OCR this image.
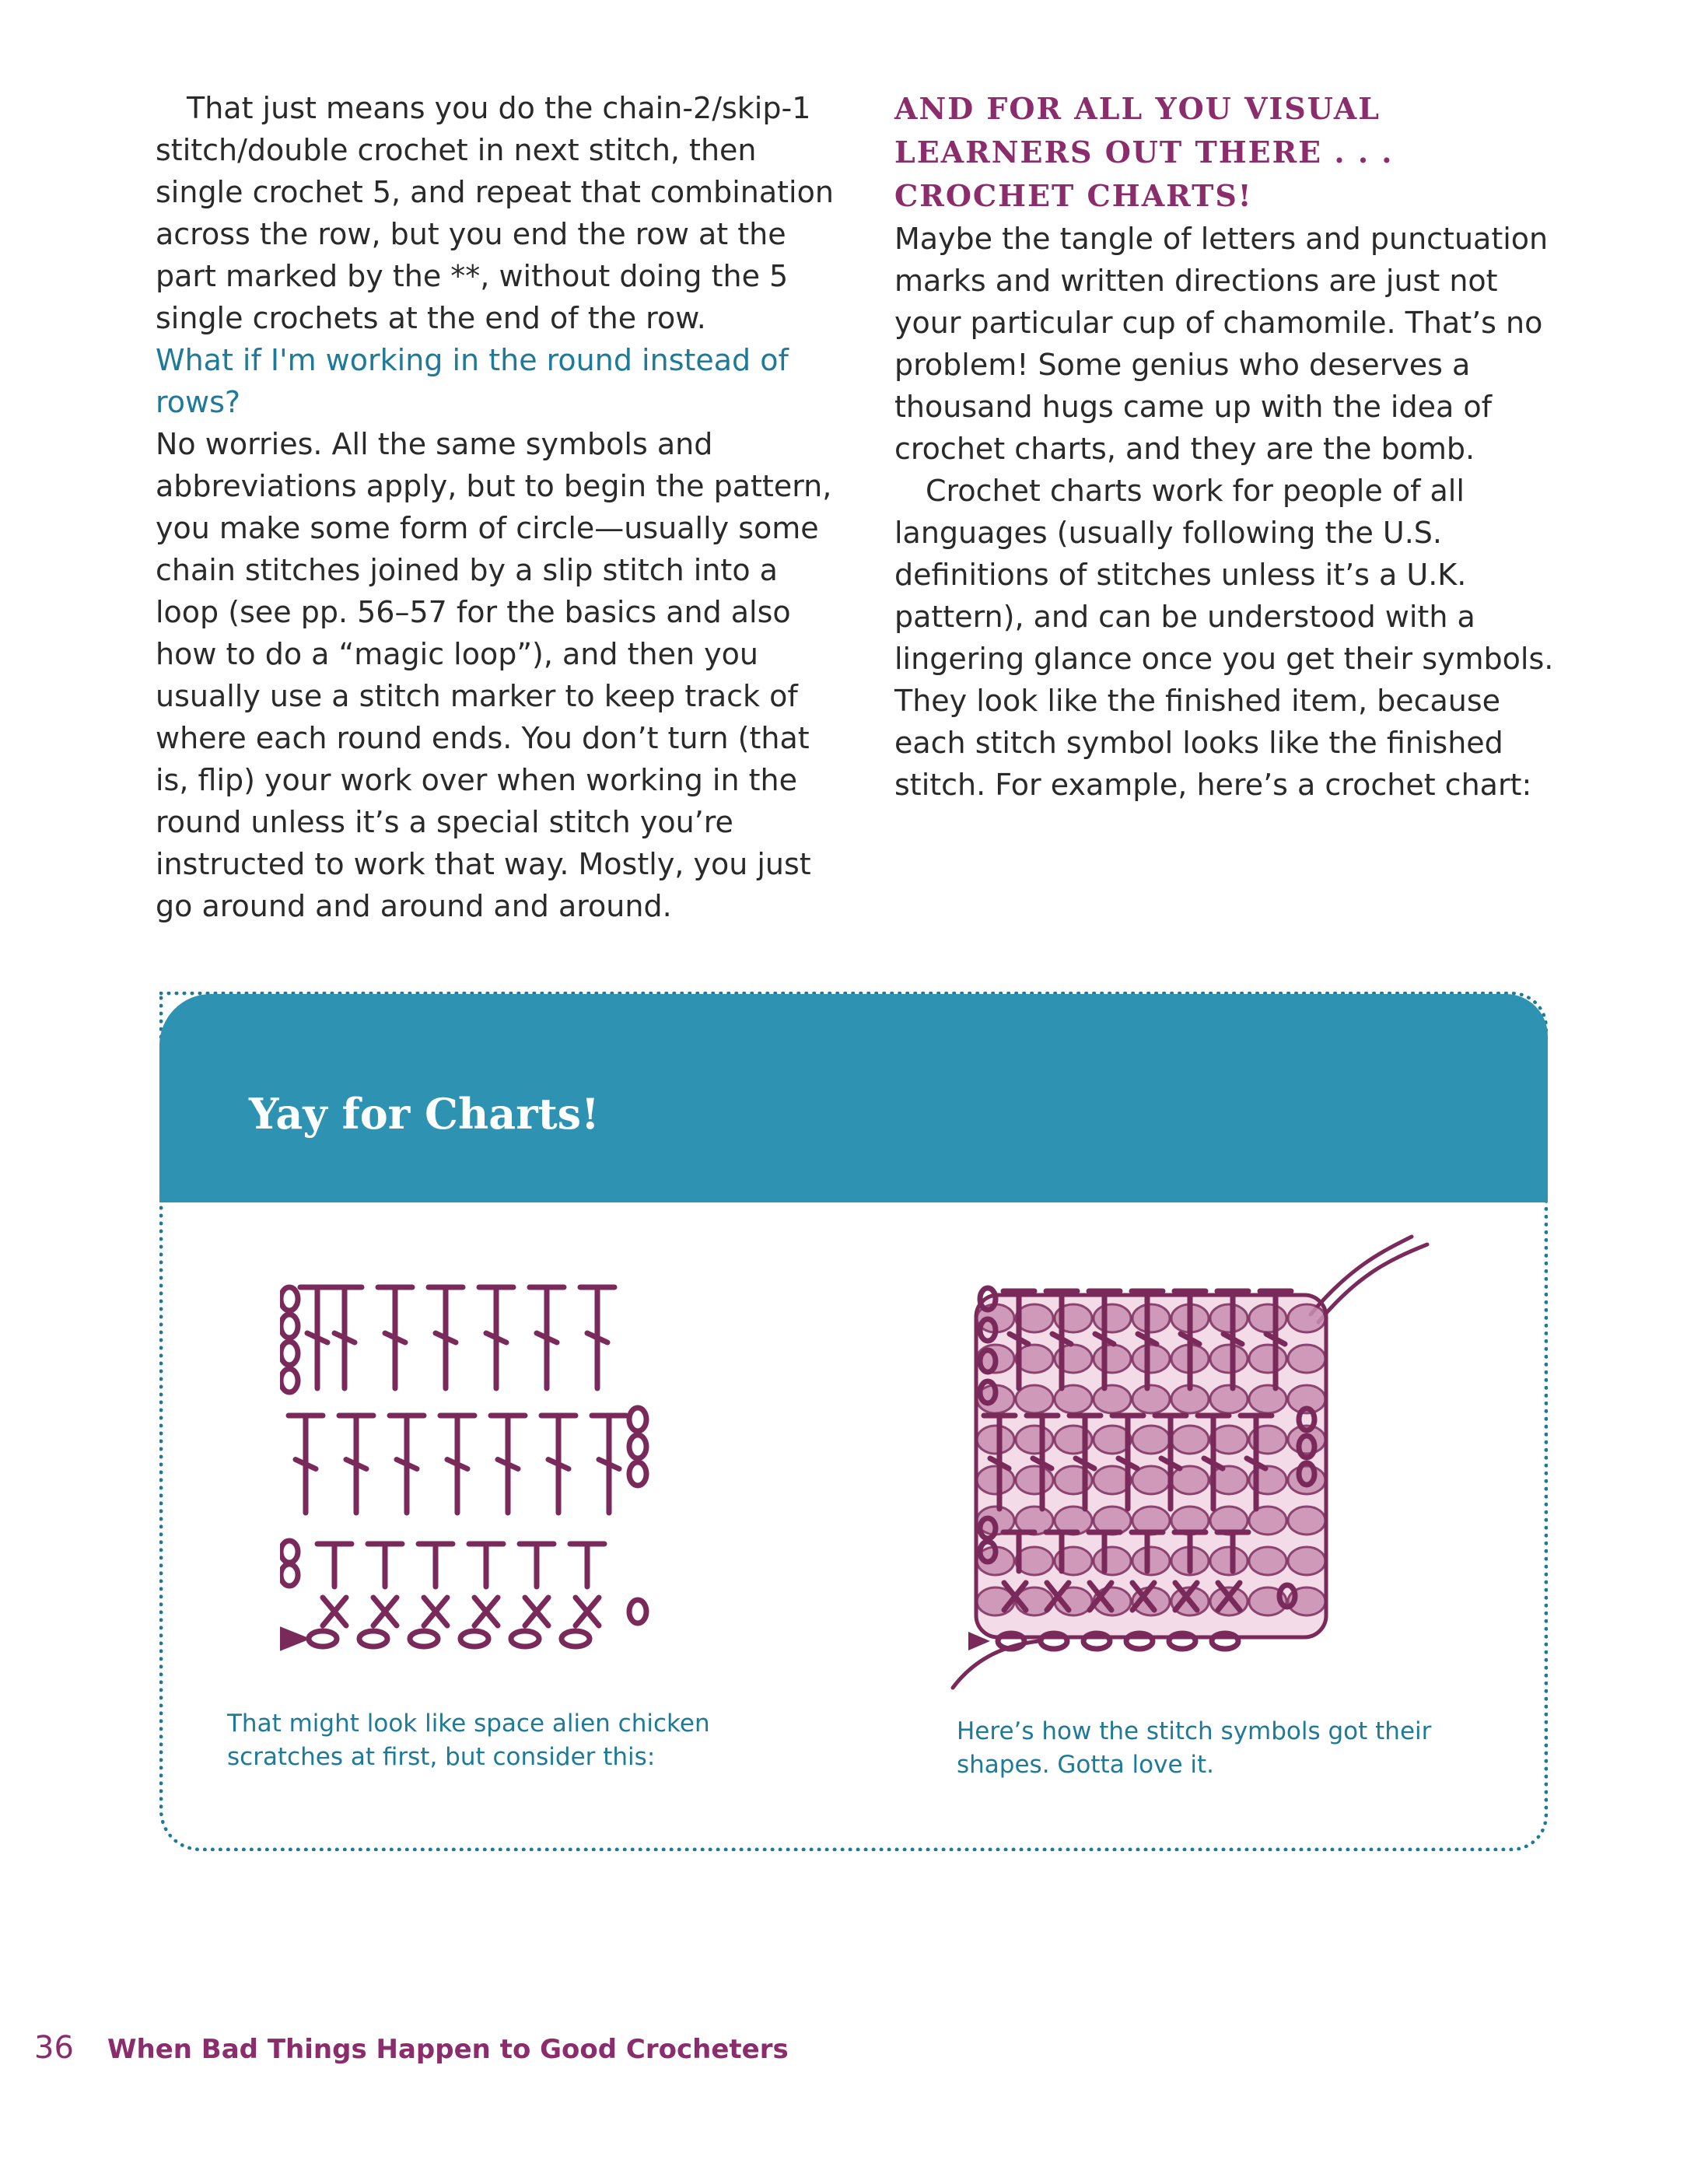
That just means you do the chain-2/skip-1 stitch/double crochet in next stitch, then single crochet 5, and repeat that combination across the row, but you end the row at the part marked by the **, without doing the 5 single crochets at the end of the row.

What if I'm working in the round instead of rows?

No worries. All the same symbols and abbreviations apply, but to begin the pattern, you make some form of circle—usually some chain stitches joined by a slip stitch into a loop (see pp. 56–57 for the basics and also how to do a “magic loop”), and then you usually use a stitch marker to keep track of where each round ends. You don’t turn (that is, flip) your work over when working in the round unless it’s a special stitch you’re instructed to work that way. Mostly, you just go around and around and around.

AND FOR ALL YOU VISUAL LEARNERS OUT THERE . . . CROCHET CHARTS!

Maybe the tangle of letters and punctuation marks and written directions are just not your particular cup of chamomile. That’s no problem! Some genius who deserves a thousand hugs came up with the idea of crochet charts, and they are the bomb.

Crochet charts work for people of all languages (usually following the U.S. definitions of stitches unless it’s a U.K. pattern), and can be understood with a lingering glance once you get their symbols. They look like the finished item, because each stitch symbol looks like the finished stitch. For example, here’s a crochet chart:

Yay for Charts!
That might look like space alien chicken scratches at first, but consider this:
Here’s how the stitch symbols got their shapes. Gotta love it.
36 When Bad Things Happen to Good Crocheters
